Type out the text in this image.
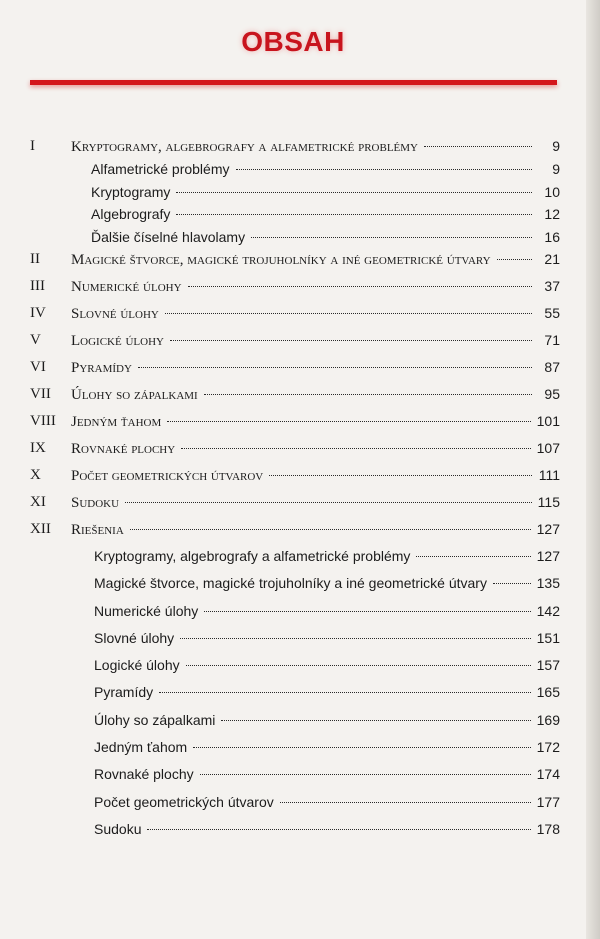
OBSAH
I Kryptogramy, algebrografy a alfametrické problémy	9
Alfametrické problémy	9
Kryptogramy	10
Algebrografy	12
Ďalšie číselné hlavolamy	16
II Magické štvorce, magické trojuholníky a iné geometrické útvary	21
III Numerické úlohy	37
IV Slovné úlohy	55
V Logické úlohy	71
VI Pyramídy	87
VII Úlohy so zápalkami	95
VIII Jedným ťahom	101
IX Rovnaké plochy	107
X Počet geometrických útvarov	111
XI Sudoku	115
XII Riešenia	127
Kryptogramy, algebrografy a alfametrické problémy	127
Magické štvorce, magické trojuholníky a iné geometrické útvary	135
Numerické úlohy	142
Slovné úlohy	151
Logické úlohy	157
Pyramídy	165
Úlohy so zápalkami	169
Jedným ťahom	172
Rovnaké plochy	174
Počet geometrických útvarov	177
Sudoku	178
